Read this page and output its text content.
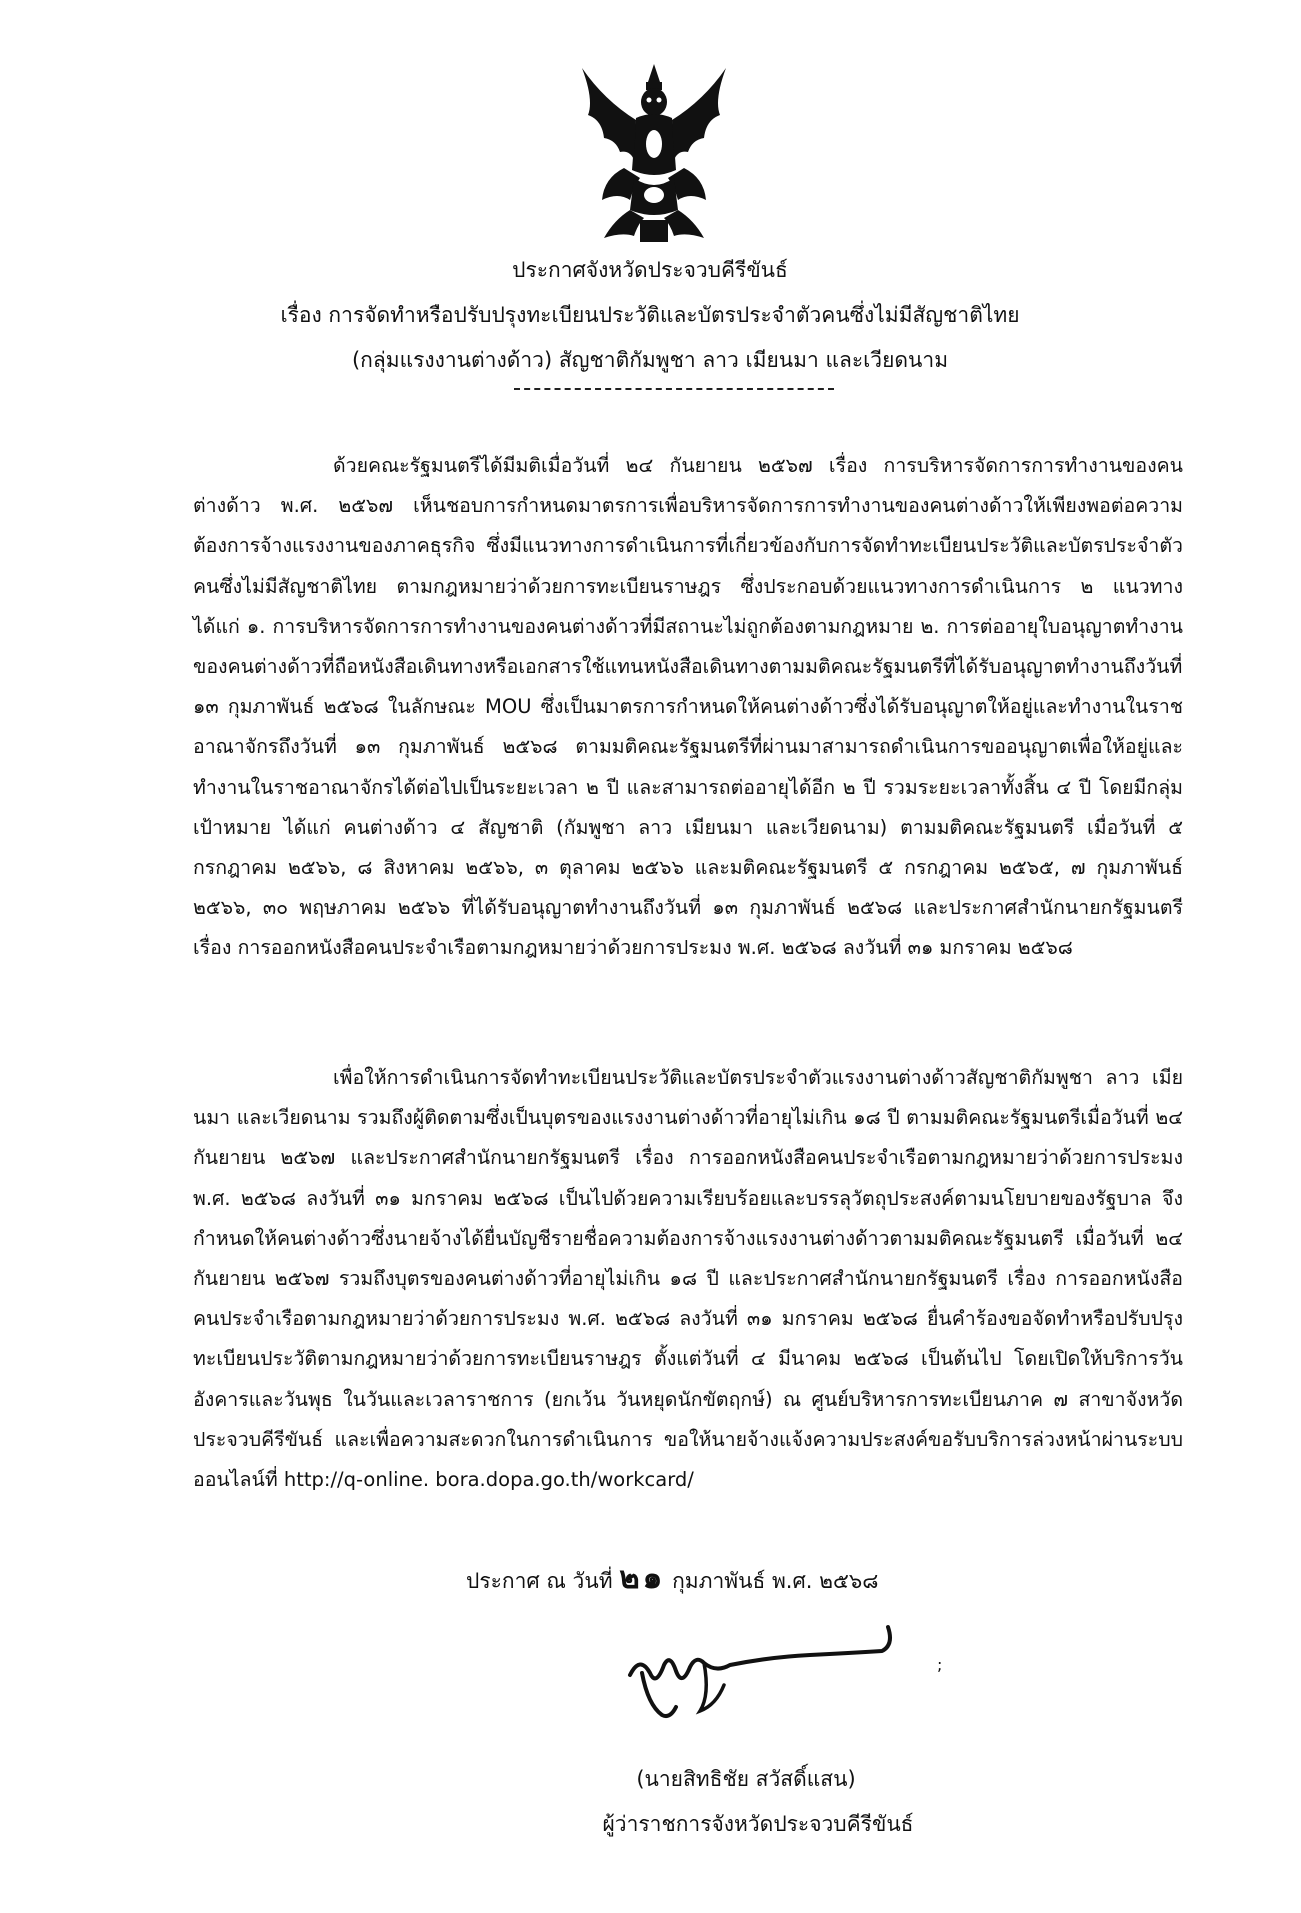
ประกาศจังหวัดประจวบคีรีขันธ์
เรื่อง การจัดทำหรือปรับปรุงทะเบียนประวัติและบัตรประจำตัวคนซึ่งไม่มีสัญชาติไทย
(กลุ่มแรงงานต่างด้าว) สัญชาติกัมพูชา ลาว เมียนมา และเวียดนาม
ด้วยคณะรัฐมนตรีได้มีมติเมื่อวันที่ ๒๔ กันยายน ๒๕๖๗ เรื่อง การบริหารจัดการการทำงานของคนต่างด้าว พ.ศ. ๒๕๖๗ เห็นชอบการกำหนดมาตรการเพื่อบริหารจัดการการทำงานของคนต่างด้าวให้เพียงพอต่อความต้องการจ้างแรงงานของภาคธุรกิจ ซึ่งมีแนวทางการดำเนินการที่เกี่ยวข้องกับการจัดทำทะเบียนประวัติและบัตรประจำตัวคนซึ่งไม่มีสัญชาติไทย ตามกฎหมายว่าด้วยการทะเบียนราษฎร ซึ่งประกอบด้วยแนวทางการดำเนินการ ๒ แนวทาง ได้แก่ ๑. การบริหารจัดการการทำงานของคนต่างด้าวที่มีสถานะไม่ถูกต้องตามกฎหมาย ๒. การต่ออายุใบอนุญาตทำงานของคนต่างด้าวที่ถือหนังสือเดินทางหรือเอกสารใช้แทนหนังสือเดินทางตามมติคณะรัฐมนตรีที่ได้รับอนุญาตทำงานถึงวันที่ ๑๓ กุมภาพันธ์ ๒๕๖๘ ในลักษณะ MOU ซึ่งเป็นมาตรการกำหนดให้คนต่างด้าวซึ่งได้รับอนุญาตให้อยู่และทำงานในราชอาณาจักรถึงวันที่ ๑๓ กุมภาพันธ์ ๒๕๖๘ ตามมติคณะรัฐมนตรีที่ผ่านมาสามารถดำเนินการขออนุญาตเพื่อให้อยู่และทำงานในราชอาณาจักรได้ต่อไปเป็นระยะเวลา ๒ ปี และสามารถต่ออายุได้อีก ๒ ปี รวมระยะเวลาทั้งสิ้น ๔ ปี โดยมีกลุ่มเป้าหมาย ได้แก่ คนต่างด้าว ๔ สัญชาติ (กัมพูชา ลาว เมียนมา และเวียดนาม) ตามมติคณะรัฐมนตรี เมื่อวันที่ ๕ กรกฎาคม ๒๕๖๖, ๘ สิงหาคม ๒๕๖๖, ๓ ตุลาคม ๒๕๖๖ และมติคณะรัฐมนตรี ๕ กรกฎาคม ๒๕๖๕, ๗ กุมภาพันธ์ ๒๕๖๖, ๓๐ พฤษภาคม ๒๕๖๖ ที่ได้รับอนุญาตทำงานถึงวันที่ ๑๓ กุมภาพันธ์ ๒๕๖๘ และประกาศสำนักนายกรัฐมนตรี เรื่อง การออกหนังสือคนประจำเรือตามกฎหมายว่าด้วยการประมง พ.ศ. ๒๕๖๘ ลงวันที่ ๓๑ มกราคม ๒๕๖๘
เพื่อให้การดำเนินการจัดทำทะเบียนประวัติและบัตรประจำตัวแรงงานต่างด้าวสัญชาติกัมพูชา ลาว เมียนมา และเวียดนาม รวมถึงผู้ติดตามซึ่งเป็นบุตรของแรงงานต่างด้าวที่อายุไม่เกิน ๑๘ ปี ตามมติคณะรัฐมนตรีเมื่อวันที่ ๒๔ กันยายน ๒๕๖๗ และประกาศสำนักนายกรัฐมนตรี เรื่อง การออกหนังสือคนประจำเรือตามกฎหมายว่าด้วยการประมง พ.ศ. ๒๕๖๘ ลงวันที่ ๓๑ มกราคม ๒๕๖๘ เป็นไปด้วยความเรียบร้อยและบรรลุวัตถุประสงค์ตามนโยบายของรัฐบาล จึงกำหนดให้คนต่างด้าวซึ่งนายจ้างได้ยื่นบัญชีรายชื่อความต้องการจ้างแรงงานต่างด้าวตามมติคณะรัฐมนตรี เมื่อวันที่ ๒๔ กันยายน ๒๕๖๗ รวมถึงบุตรของคนต่างด้าวที่อายุไม่เกิน ๑๘ ปี และประกาศสำนักนายกรัฐมนตรี เรื่อง การออกหนังสือคนประจำเรือตามกฎหมายว่าด้วยการประมง พ.ศ. ๒๕๖๘ ลงวันที่ ๓๑ มกราคม ๒๕๖๘ ยื่นคำร้องขอจัดทำหรือปรับปรุงทะเบียนประวัติตามกฎหมายว่าด้วยการทะเบียนราษฎร ตั้งแต่วันที่ ๔ มีนาคม ๒๕๖๘ เป็นต้นไป โดยเปิดให้บริการวันอังคารและวันพุธ ในวันและเวลาราชการ (ยกเว้น วันหยุดนักขัตฤกษ์) ณ ศูนย์บริหารการทะเบียนภาค ๗ สาขาจังหวัดประจวบคีรีขันธ์ และเพื่อความสะดวกในการดำเนินการ ขอให้นายจ้างแจ้งความประสงค์ขอรับบริการล่วงหน้าผ่านระบบออนไลน์ที่ http://q-online. bora.dopa.go.th/workcard/
ประกาศ ณ วันที่ ๒๑ กุมภาพันธ์ พ.ศ. ๒๕๖๘
;
(นายสิทธิชัย สวัสดิ์แสน)
ผู้ว่าราชการจังหวัดประจวบคีรีขันธ์
